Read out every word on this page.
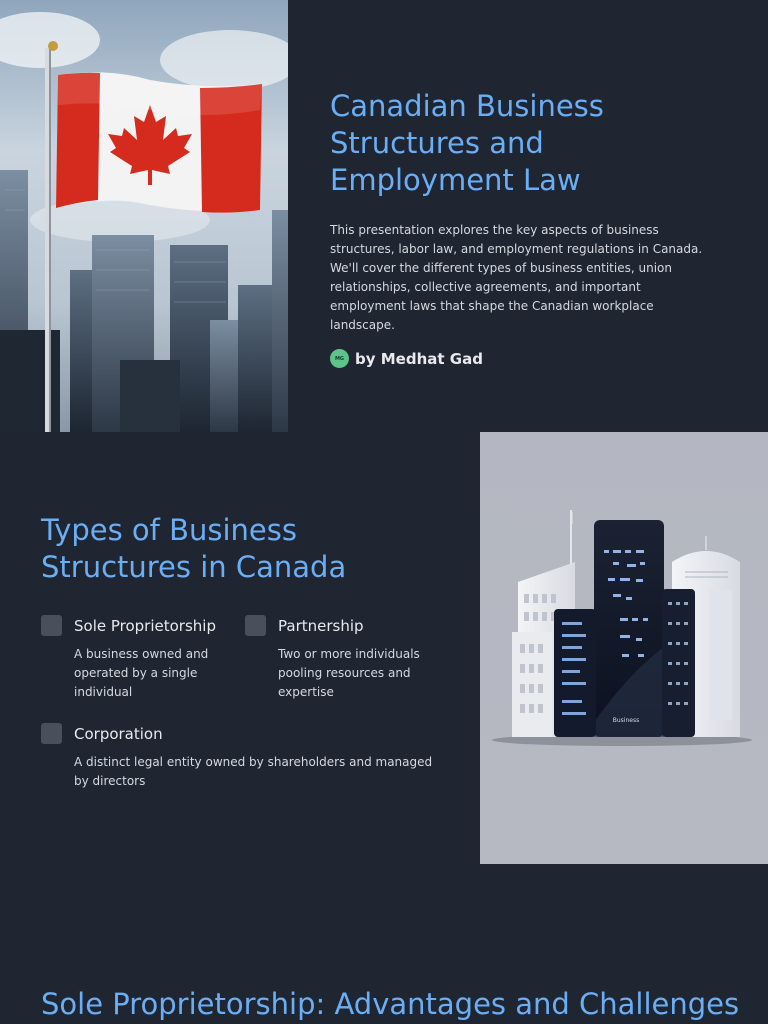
Canadian Business Structures and Employment Law

This presentation explores the key aspects of business structures, labor law, and employment regulations in Canada. We'll cover the different types of business entities, union relationships, collective agreements, and important employment laws that shape the Canadian workplace landscape.

MG by Medhat Gad
Types of Business Structures in Canada
Sole Proprietorship

A business owned and operated by a single individual

Partnership

Two or more individuals pooling resources and expertise

Corporation

A distinct legal entity owned by shareholders and managed by directors

Business
Sole Proprietorship: Advantages and Challenges
